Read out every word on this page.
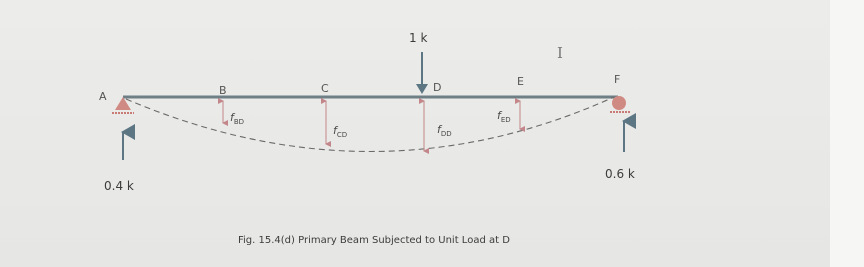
A	B	C	D	E	F
1 k
0.4 k
0.6 k
$f_{BD}$
$f_{CD}$	$f_{DD}$
$f_{ED}$
I
Fig. 15.4(d) Primary Beam Subjected to Unit Load at D
